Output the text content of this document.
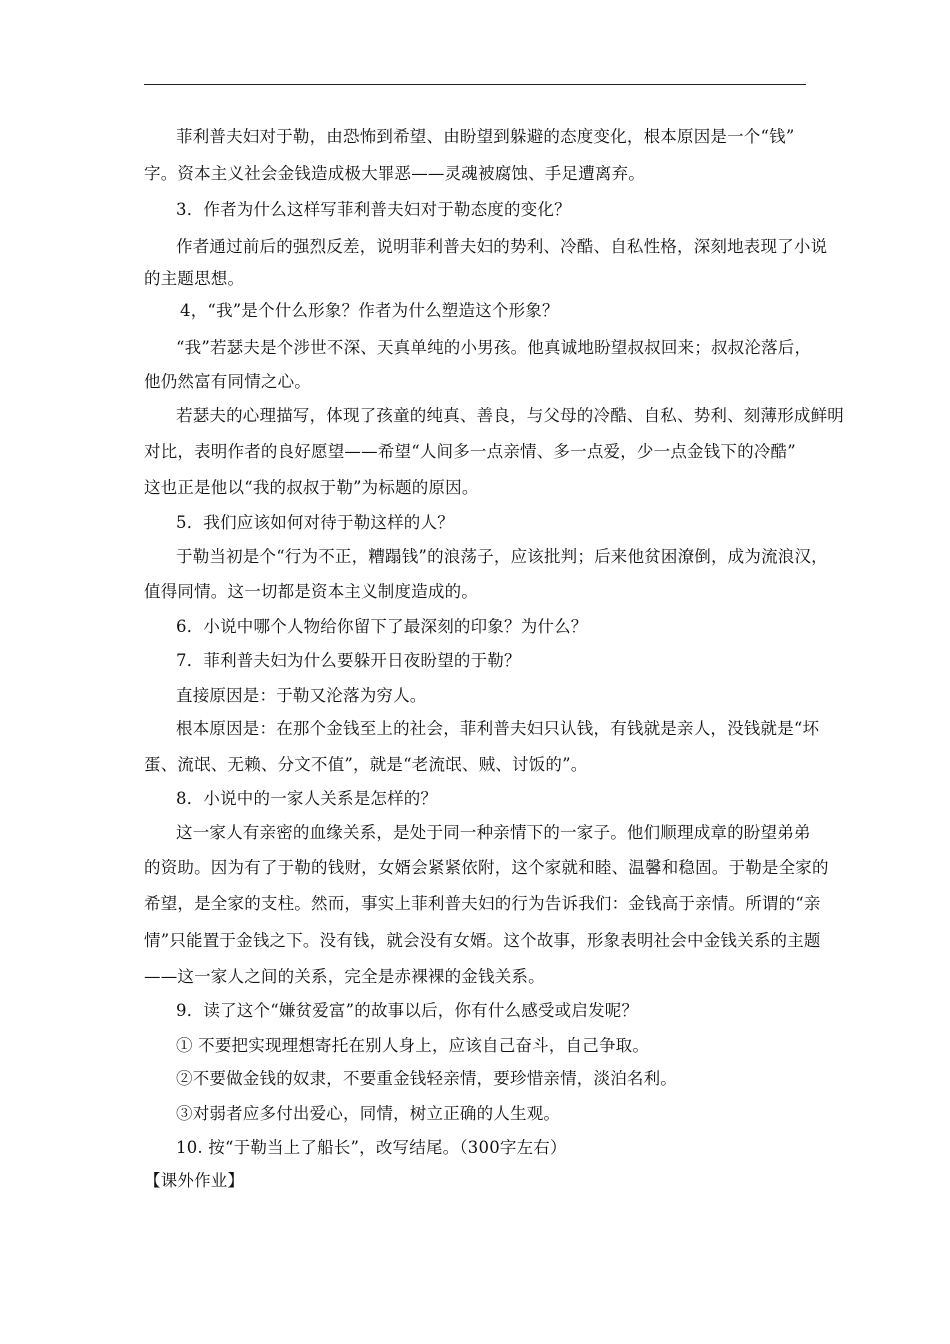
菲利普夫妇对于勒，由恐怖到希望、由盼望到躲避的态度变化，根本原因是一个“钱”
字。资本主义社会金钱造成极大罪恶——灵魂被腐蚀、手足遭离弃。
3．作者为什么这样写菲利普夫妇对于勒态度的变化？
作者通过前后的强烈反差，说明菲利普夫妇的势利、冷酷、自私性格，深刻地表现了小说
的主题思想。
4，“我”是个什么形象？作者为什么塑造这个形象？
“我”若瑟夫是个涉世不深、天真单纯的小男孩。他真诚地盼望叔叔回来；叔叔沦落后，
他仍然富有同情之心。
若瑟夫的心理描写，体现了孩童的纯真、善良，与父母的冷酷、自私、势利、刻薄形成鲜明
对比，表明作者的良好愿望——希望“人间多一点亲情、多一点爱，少一点金钱下的冷酷”
这也正是他以“我的叔叔于勒”为标题的原因。
5．我们应该如何对待于勒这样的人？
于勒当初是个“行为不正，糟蹋钱”的浪荡子，应该批判；后来他贫困潦倒，成为流浪汉，
值得同情。这一切都是资本主义制度造成的。
6．小说中哪个人物给你留下了最深刻的印象？为什么？
7．菲利普夫妇为什么要躲开日夜盼望的于勒？
直接原因是：于勒又沦落为穷人。
根本原因是：在那个金钱至上的社会，菲利普夫妇只认钱，有钱就是亲人，没钱就是“坏
蛋、流氓、无赖、分文不值”，就是“老流氓、贼、讨饭的”。
8．小说中的一家人关系是怎样的？
这一家人有亲密的血缘关系，是处于同一种亲情下的一家子。他们顺理成章的盼望弟弟
的资助。因为有了于勒的钱财，女婿会紧紧依附，这个家就和睦、温馨和稳固。于勒是全家的
希望，是全家的支柱。然而，事实上菲利普夫妇的行为告诉我们：金钱高于亲情。所谓的“亲
情”只能置于金钱之下。没有钱，就会没有女婿。这个故事，形象表明社会中金钱关系的主题
——这一家人之间的关系，完全是赤裸裸的金钱关系。
9．读了这个“嫌贫爱富”的故事以后，你有什么感受或启发呢？
① 不要把实现理想寄托在别人身上，应该自己奋斗，自己争取。
②不要做金钱的奴隶，不要重金钱轻亲情，要珍惜亲情，淡泊名利。
③对弱者应多付出爱心，同情，树立正确的人生观。
10. 按“于勒当上了船长”，改写结尾。（300字左右）
【课外作业】
